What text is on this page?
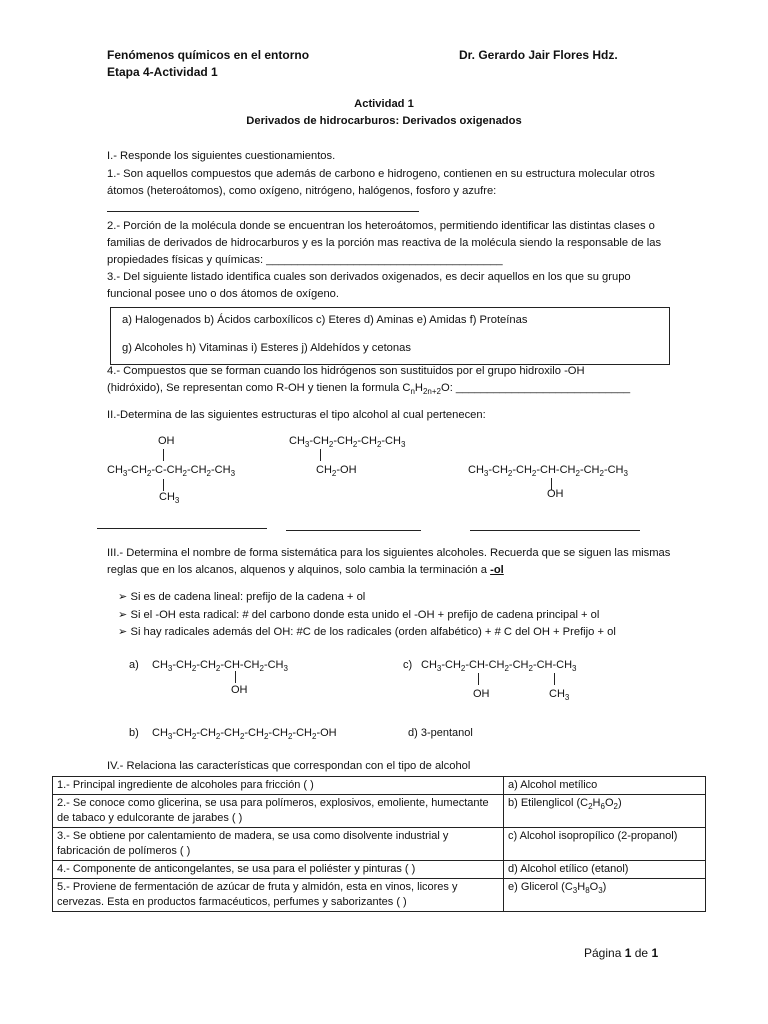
Fenómenos químicos en el entorno	Dr. Gerardo Jair Flores Hdz.
Etapa 4-Actividad 1
Actividad 1
Derivados de hidrocarburos: Derivados oxigenados
I.- Responde los siguientes cuestionamientos.
1.- Son aquellos compuestos que además de carbono e hidrogeno, contienen en su estructura molecular otros átomos (heteroátomos), como oxígeno, nitrógeno, halógenos, fosforo y azufre:
2.- Porción de la molécula donde se encuentran los heteroátomos, permitiendo identificar las distintas clases o familias de derivados de hidrocarburos y es la porción mas reactiva de la molécula siendo la responsable de las propiedades físicas y químicas: ______________________________________
3.- Del siguiente listado identifica cuales son derivados oxigenados, es decir aquellos en los que su grupo funcional posee uno o dos átomos de oxígeno.
a) Halogenados b) Ácidos carboxílicos c) Eteres d) Aminas e) Amidas f) Proteínas
g) Alcoholes h) Vitaminas i) Esteres j) Aldehídos y cetonas
4.- Compuestos que se forman cuando los hidrógenos son sustituidos por el grupo hidroxilo -OH
(hidróxido), Se representan como R-OH y tienen la formula $C_nH_{2n+2}O$: ____________________________
II.-Determina de las siguientes estructuras el tipo alcohol al cual pertenecen:
OH
$CH_3-CH_2-C-CH_2-CH_2-CH_3$
$CH_3$
$CH_3-CH_2-CH_2-CH_2-CH_3$
$CH_2-OH$	$CH_3-CH_2-CH_2-CH-CH_2-CH_2-CH_3$
OH
III.- Determina el nombre de forma sistemática para los siguientes alcoholes. Recuerda que se siguen las mismas reglas que en los alcanos, alquenos y alquinos, solo cambia la terminación a -ol
➢ Si es de cadena lineal: prefijo de la cadena + ol
➢ Si el -OH esta radical: # del carbono donde esta unido el -OH + prefijo de cadena principal + ol
➢ Si hay radicales además del OH: #C de los radicales (orden alfabético) + # C del OH + Prefijo + ol
a) $CH_3-CH_2-CH_2-CH-CH_2-CH_3$
OH
c) $CH_3-CH_2-CH-CH_2-CH_2-CH-CH_3$
OH	$CH_3$
b) $CH_3-CH_2-CH_2-CH_2-CH_2-CH_2-CH_2-OH$	d) 3-pentanol
IV.- Relaciona las características que correspondan con el tipo de alcohol
1.- Principal ingrediente de alcoholes para fricción ( )	a) Alcohol metílico
2.- Se conoce como glicerina, se usa para polímeros, explosivos, emoliente, humectante de tabaco y edulcorante de jarabes ( )	b) Etilenglicol $(C_2H_6O_2)$
3.- Se obtiene por calentamiento de madera, se usa como disolvente industrial y fabricación de polímeros ( )	c) Alcohol isopropílico (2-propanol)
4.- Componente de anticongelantes, se usa para el poliéster y pinturas ( )	d) Alcohol etílico (etanol)
5.- Proviene de fermentación de azúcar de fruta y almidón, esta en vinos, licores y cervezas. Esta en productos farmacéuticos, perfumes y saborizantes ( )	e) Glicerol $(C_3H_8O_3)$
Página 1 de 1
